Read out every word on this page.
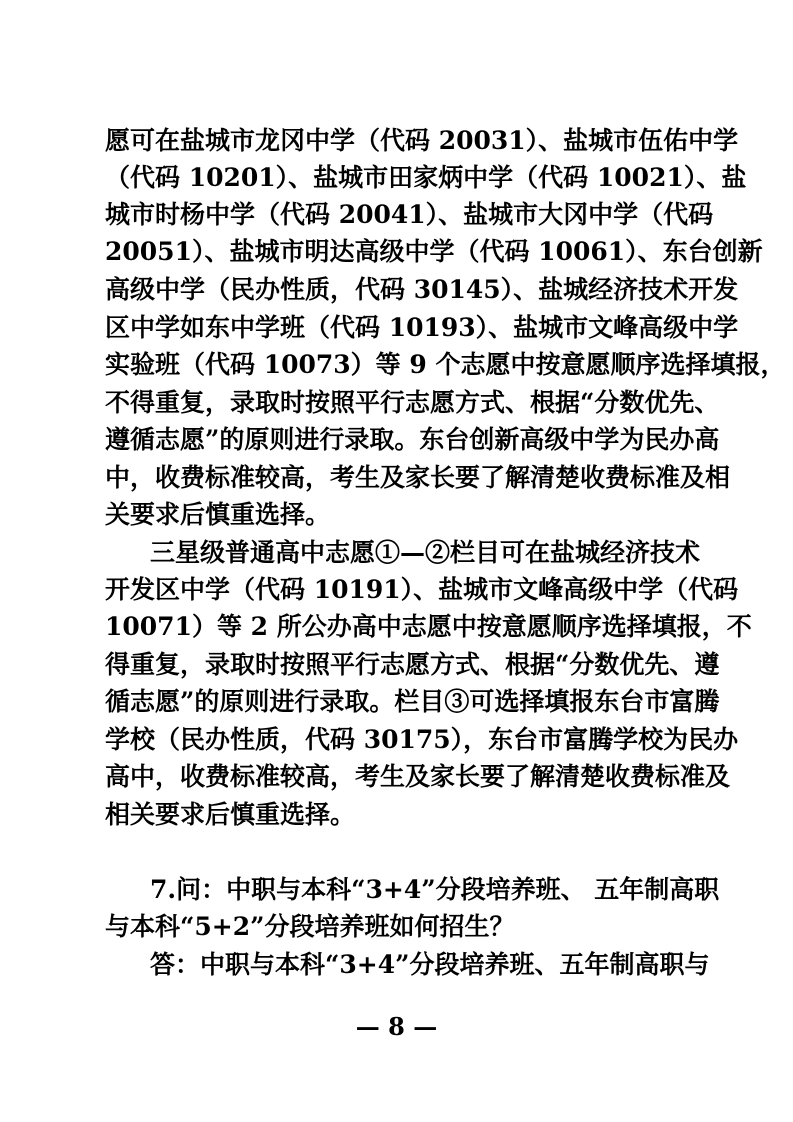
愿可在盐城市龙冈中学（代码 20031）、盐城市伍佑中学
（代码 10201）、盐城市田家炳中学（代码 10021）、盐
城市时杨中学（代码 20041）、盐城市大冈中学（代码
20051）、盐城市明达高级中学（代码 10061）、东台创新
高级中学（民办性质，代码 30145）、盐城经济技术开发
区中学如东中学班（代码 10193）、盐城市文峰高级中学
实验班（代码 10073）等 9 个志愿中按意愿顺序选择填报，
不得重复，录取时按照平行志愿方式、根据“分数优先、
遵循志愿”的原则进行录取。东台创新高级中学为民办高
中，收费标准较高，考生及家长要了解清楚收费标准及相
关要求后慎重选择。
三星级普通高中志愿①—②栏目可在盐城经济技术
开发区中学（代码 10191）、盐城市文峰高级中学（代码
10071）等 2 所公办高中志愿中按意愿顺序选择填报，不
得重复，录取时按照平行志愿方式、根据“分数优先、遵
循志愿”的原则进行录取。栏目③可选择填报东台市富腾
学校（民办性质，代码 30175），东台市富腾学校为民办
高中，收费标准较高，考生及家长要了解清楚收费标准及
相关要求后慎重选择。
7.问：中职与本科“3+4”分段培养班、 五年制高职
与本科“5+2”分段培养班如何招生？
答：中职与本科“3+4”分段培养班、五年制高职与
— 8 —
